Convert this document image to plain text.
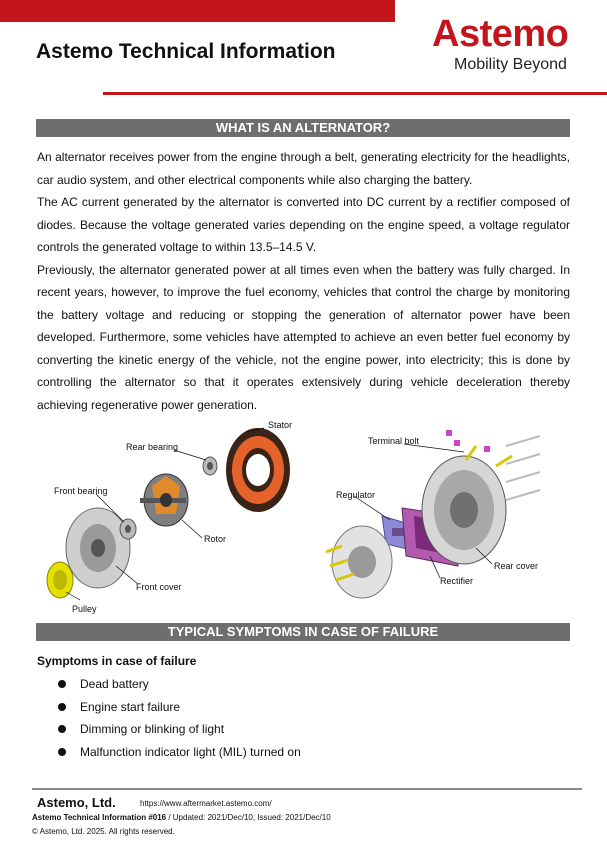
Astemo Technical Information	Astemo
Mobility Beyond
WHAT IS AN ALTERNATOR?

An alternator receives power from the engine through a belt, generating electricity for the headlights, car audio system, and other electrical components while also charging the battery.

The AC current generated by the alternator is converted into DC current by a rectifier composed of diodes. Because the voltage generated varies depending on the engine speed, a voltage regulator controls the generated voltage to within 13.5–14.5 V.

Previously, the alternator generated power at all times even when the battery was fully charged. In recent years, however, to improve the fuel economy, vehicles that control the charge by monitoring the battery voltage and reducing or stopping the generation of alternator power have been developed. Furthermore, some vehicles have attempted to achieve an even better fuel economy by converting the kinetic energy of the vehicle, not the engine power, into electricity; this is done by controlling the alternator so that it operates extensively during vehicle deceleration thereby achieving regenerative power generation.

Stator
Rear bearing
Front bearing
Rotor
Front cover
Pulley
Terminal bolt
Regulator
Rectifier
Rear cover
TYPICAL SYMPTOMS IN CASE OF FAILURE
Symptoms in case of failure
Dead battery
Engine start failure
Dimming or blinking of light
Malfunction indicator light (MIL) turned on
Astemo, Ltd.	https://www.aftermarket.astemo.com/
Astemo Technical Information #016 / Updated: 2021/Dec/10, Issued: 2021/Dec/10
© Astemo, Ltd. 2025. All rights reserved.
